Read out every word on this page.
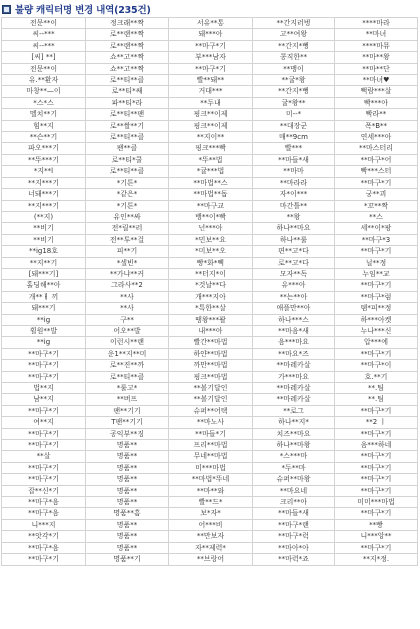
불량 캐릭터명 변경 내역(235건)
전문**이	정크래**짝	서유**통	**간지러벙	****마라
씨--***	로**랜**짝	돼***아	고**여왕	**마녀
씨--***	로**랜**짝	**마구*기	**간지*뻥	****마뮤
[씨] **]	쇼**고**짝	부***남자	콩직한**	**마**왕
전문**이	쇼**고**짝	**마구*기	**맹이	**마**단
유.**환자	로**티**클	빨**돼**	**귤*왕	**마녀♥
마창**—이	로**티*쌔	거대***	**간지*뻥	뻑람***살
*스*스	파**티*라	**두내	귤*왕**	빡***아
멜치**기	로**티**팬	핑크**이제	미--*	빡라**
힘**지	로**쌀**기	핑크**이제	**대장군	폭*B**
**슨**기	로**티**클	**지이**	매**9cm	연세***아
파오***기	팬**클	핑크***빡	빨***	**마스터리
**뚜***기	로**티*쿨	*뚜**법	**마들*새	**마구*어
*지**l	로**티**클	*귤***법	**마마	빡***스터
**지***기	*기튼*	**마법**스	**마라라	**마구*기
너돼***기	*같은*	**마법**돕	자*이***	궁**괴
**지***기	*기튼*	**마구교	마간틀**	*꼬**짝
(**지)	유인**싸	뱅**이*빡	**왕	**스
**비기	전*릴**러	넌***아	하나**마요	세**이*팡
**비기	전**투**걸	*민보**요	하나**룰	**마구*3
**ig18호	피**기	*미보**오	편**고*다	**마구*기
**지**기	*셀빈*	빵*화*뼉	로**고*다	닐**정
[돼***기]	**가냐**커	**터지*이	모자**독	누임**교
홀딩해**아	그라사**2	*것날**다	유***아	**마구*기
개**ㅐ 끼	**사	개***지아	**는**아	**마구*럼
돼***기	**사	*특한**살	애플만**아	탬*피**정
**ig	구**	땡왕***꽐	하나***스	하***아켓
휠원**발	어오**발	내***아	**마음*새	누나***신
**ig	이런시**랜	빨간**마법	음***마요	압***에
**마구*기	운1**지**미	하얀**마법	**마요*즈	**마구*기
**마구*기	로**진**까	까만**마법	**마레카살	**마구*이
**마구*기	로**티**클	핑크**마법	가***마요	호.**기
법**지	*룰고*	**볼기달인	**마레카살	**.팀
남**지	**버프	**볼기달인	**마레카살	**.팀
**마구*기	팬**기기	슈퍼**어택	**로그	**마구*기
여**지	T팬**기기	**마노사	하나**지*	**2 ㅣ
**마구*기	공익부**징	**마들*기	치즈**마요	**마구*기
**마구*기	명품**	프리**마법	하나**마왕	음***하네
**살	명품**	무네**마법	*스***마	**마구*기
**마구*기	명품**	미***마법	*두**마	**마구*기
**마구*기	명품**	**마법*뚜네	슈퍼**마왕	**마구*기
잡**신*기	명품**	**마**와	**마요네	**마구*기
**마구*음	명품**	빨**드*	크리**아	미미***마법
**마구*음	명품**흠	보*자*	**마들*새	**마구*기
니***지	명품**	어***비	**마구*랜	**빵
**앗각*기	명품**	**만보자	**마구*럭	니***앙**
**마구*음	명품**	자**제력*	**마아*아	**마구*기
**마구*기	명품**기	**브랑어	**마력*죠	**지*정.
